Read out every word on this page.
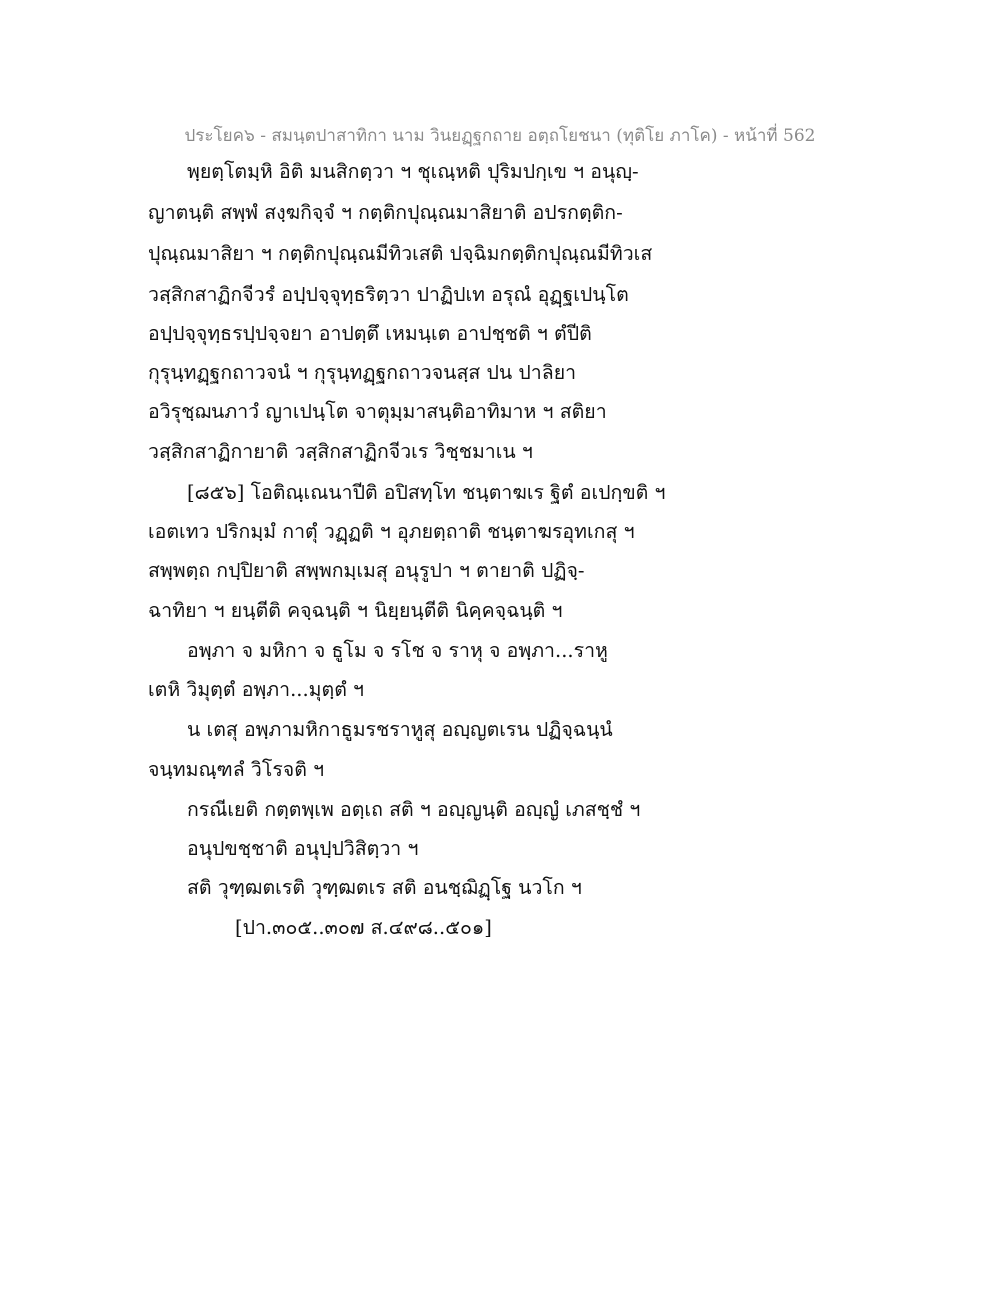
ประโยค๖ - สมนฺตปาสาทิกา นาม วินยฏฺฐกถาย อตฺถโยชนา (ทุติโย ภาโค) - หน้าที่ 562
พฺยตฺโตมฺหิ อิติ มนสิกตฺวา ฯ ชุเณฺหติ ปุริมปกฺเข ฯ อนุญฺ-
ญาตนฺติ สพฺพํ สงฺฆกิจฺจํ ฯ กตฺติกปุณฺณมาสิยาติ อปรกตฺติก-
ปุณฺณมาสิยา ฯ กตฺติกปุณฺณมีทิวเสติ ปจฺฉิมกตฺติกปุณฺณมีทิวเส
วสฺสิกสาฏิกจีวรํ อปฺปจฺจุทฺธริตฺวา ปาฏิปเท อรุณํ อุฏฺฐเปนฺโต
อปฺปจฺจุทฺธรปฺปจฺจยา อาปตฺตึ เหมนฺเต อาปชฺชติ ฯ ตํปีติ
กุรุนฺทฏฺฐกถาวจนํ ฯ กุรุนฺทฏฺฐกถาวจนสฺส ปน ปาลิยา
อวิรุชฺฌนภาวํ ญาเปนฺโต จาตุมฺมาสนฺติอาทิมาห ฯ สติยา
วสฺสิกสาฏิกายาติ วสฺสิกสาฏิกจีวเร วิชฺชมาเน ฯ
[๘๕๖] โอติณฺเณนาปีติ อปิสทฺโท ชนฺตาฆเร ฐิตํ อเปกฺขติ ฯ
เอตเทว ปริกมฺมํ กาตุํ วฏฺฏติ ฯ อุภยตฺถาติ ชนฺตาฆรอุทเกสุ ฯ
สพฺพตฺถ กปฺปิยาติ สพฺพกมฺเมสุ อนุรูปา ฯ ตายาติ ปฏิจฺ-
ฉาทิยา ฯ ยนฺตีติ คจฺฉนฺติ ฯ นิยฺยนฺตีติ นิคฺคจฺฉนฺติ ฯ
อพฺภา จ มหิกา จ ธูโม จ รโช จ ราหุ จ อพฺภา...ราหู
เตหิ วิมุตฺตํ อพฺภา...มุตฺตํ ฯ
น เตสุ อพฺภามหิกาธูมรชราหูสุ อญฺญตเรน ปฏิจฺฉนฺนํ
จนฺทมณฺฑลํ วิโรจติ ฯ
กรณีเยติ กตฺตพฺเพ อตฺเถ สติ ฯ อญฺญนฺติ อญฺญํ เภสชฺชํ ฯ
อนุปขชฺชาติ อนุปฺปวิสิตฺวา ฯ
สติ วุฑฺฒตเรติ วุฑฺฒตเร สติ อนชฺฌิฏฺโฐ นวโก ฯ
[ปา.๓๐๕..๓๐๗ ส.๔๙๘..๕๐๑]
